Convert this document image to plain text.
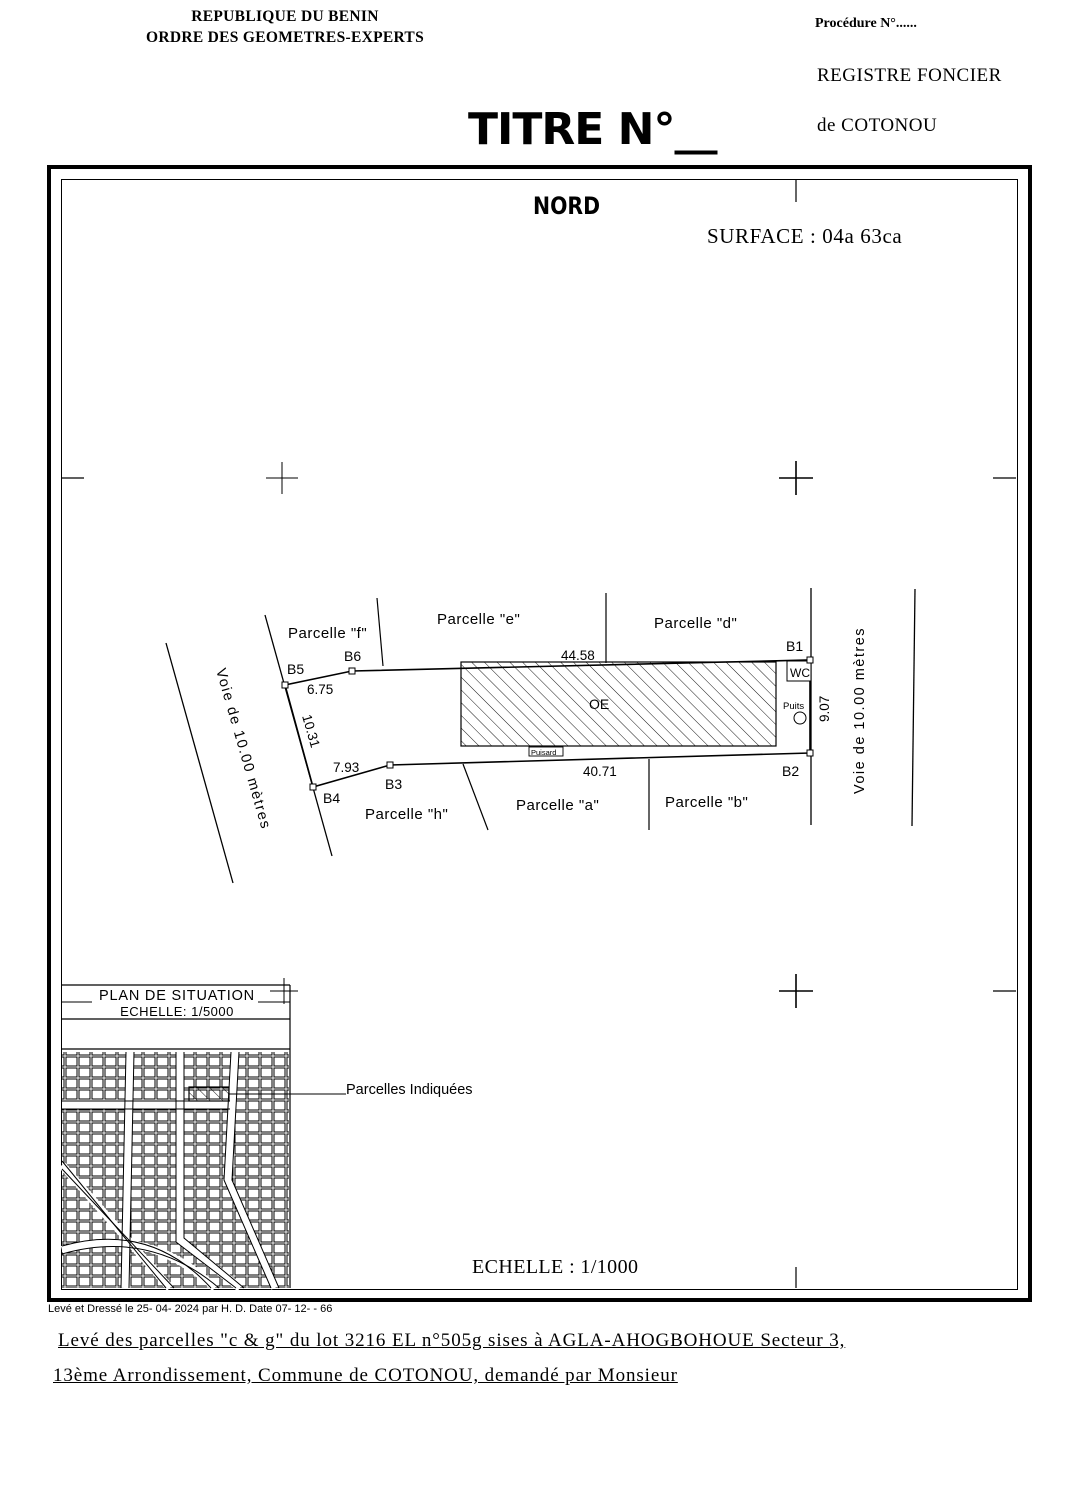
REPUBLIQUE DU BENIN
ORDRE DES GEOMETRES-EXPERTS
Procédure N°......
REGISTRE FONCIER
de COTONOU
TITRE N°__
NORD
SURFACE : 04a 63ca
Parcelle "f"
Parcelle "e"	Parcelle "d"
Parcelle "h"
Parcelle "a"	Parcelle "b"
B1
B2
B3
B4
B5
B6	44.58
6.75
10.31
7.93	40.71
9.07
Voie de 10.00 mètres	Voie de 10.00 mètres
OE
WC
Puits
Puisard
PLAN DE SITUATION
ECHELLE: 1/5000
Parcelles Indiquées
ECHELLE : 1/1000
Levé et Dressé le 25- 04- 2024 par H. D. Date 07- 12- - 66
Levé des parcelles "c & g" du lot 3216 EL n°505g sises à AGLA-AHOGBOHOUE Secteur 3,
13ème Arrondissement, Commune de COTONOU, demandé par Monsieur
